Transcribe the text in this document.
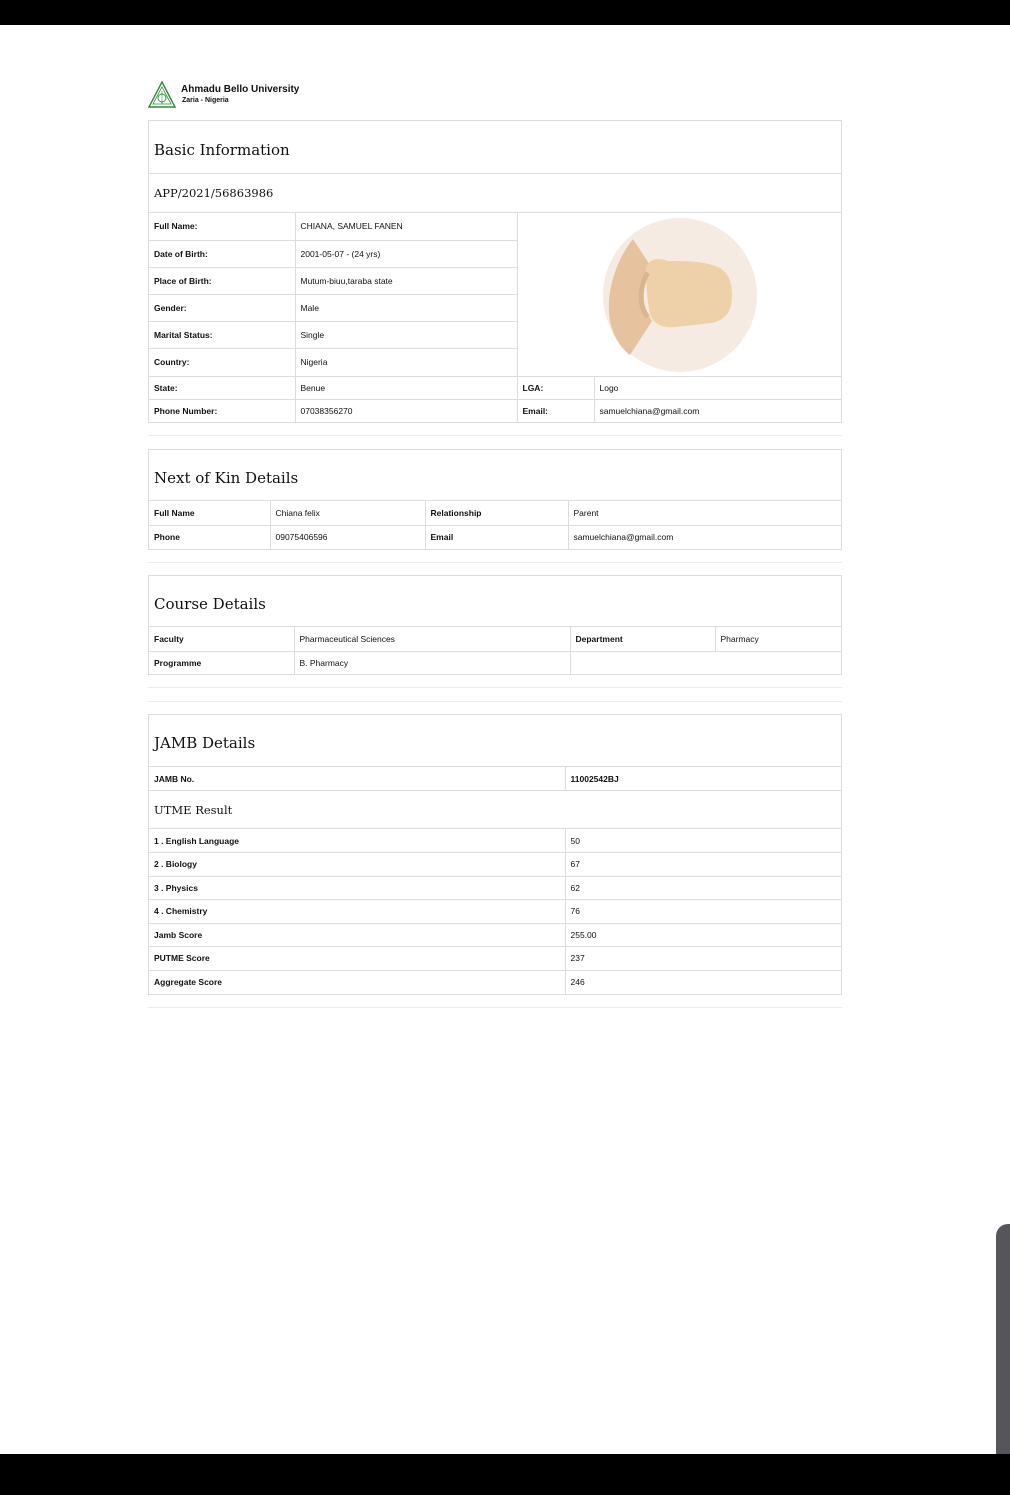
Ahmadu Bello University
Zaria - Nigeria
Basic Information
APP/2021/56863986
Full Name:	CHIANA, SAMUEL FANEN	

Date of Birth:	2001-05-07 - (24 yrs)		
Place of Birth:	Mutum-biuu,taraba state		
Gender:	Male		
Marital Status:	Single		
Country:	Nigeria		
State:	Benue	LGA:	Logo
Phone Number:	07038356270	Email:	samuelchiana@gmail.com
Next of Kin Details
Full Name	Chiana felix	Relationship	Parent
Phone	09075406596	Email	samuelchiana@gmail.com
Course Details
Faculty	Pharmaceutical Sciences	Department	Pharmacy
Programme	B. Pharmacy		
JAMB Details
JAMB No.	11002542BJ
UTME Result
1 . English Language	50
2 . Biology	67
3 . Physics	62
4 . Chemistry	76
Jamb Score	255.00
PUTME Score	237
Aggregate Score	246
